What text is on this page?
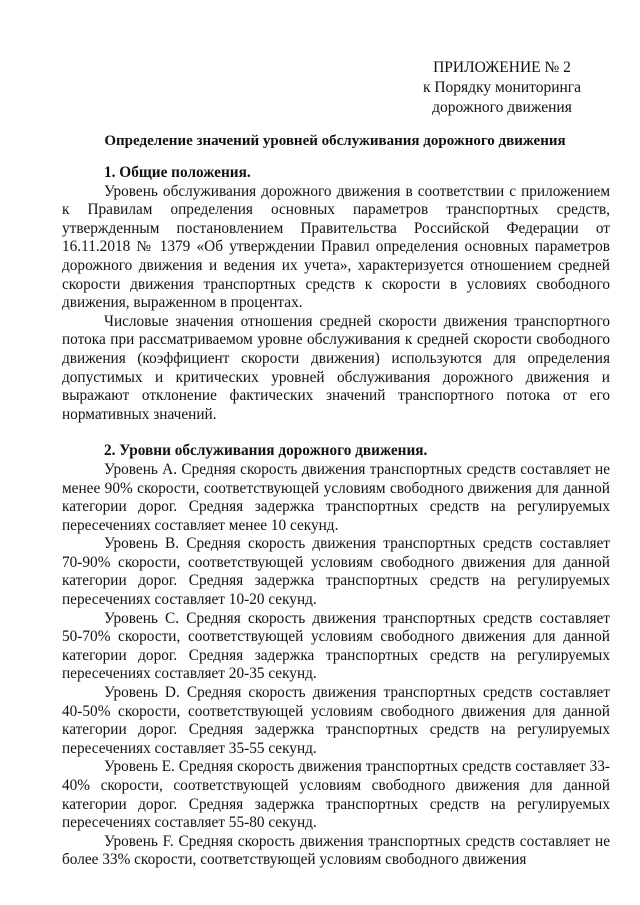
ПРИЛОЖЕНИЕ № 2
к Порядку мониторинга
дорожного движения
Определение значений уровней обслуживания дорожного движения
1. Общие положения.

Уровень обслуживания дорожного движения в соответствии с приложением к Правилам определения основных параметров транспортных средств, утвержденным постановлением Правительства Российской Федерации от 16.11.2018 № 1379 «Об утверждении Правил определения основных параметров дорожного движения и ведения их учета», характеризуется отношением средней скорости движения транспортных средств к скорости в условиях свободного движения, выраженном в процентах.

Числовые значения отношения средней скорости движения транспортного потока при рассматриваемом уровне обслуживания к средней скорости свободного движения (коэффициент скорости движения) используются для определения допустимых и критических уровней обслуживания дорожного движения и выражают отклонение фактических значений транспортного потока от его нормативных значений.

2. Уровни обслуживания дорожного движения.

Уровень А. Средняя скорость движения транспортных средств составляет не менее 90% скорости, соответствующей условиям свободного движения для данной категории дорог. Средняя задержка транспортных средств на регулируемых пересечениях составляет менее 10 секунд.

Уровень B. Средняя скорость движения транспортных средств составляет 70-90% скорости, соответствующей условиям свободного движения для данной категории дорог. Средняя задержка транспортных средств на регулируемых пересечениях составляет 10-20 секунд.

Уровень C. Средняя скорость движения транспортных средств составляет 50-70% скорости, соответствующей условиям свободного движения для данной категории дорог. Средняя задержка транспортных средств на регулируемых пересечениях составляет 20-35 секунд.

Уровень D. Средняя скорость движения транспортных средств составляет 40-50% скорости, соответствующей условиям свободного движения для данной категории дорог. Средняя задержка транспортных средств на регулируемых пересечениях составляет 35-55 секунд.

Уровень E. Средняя скорость движения транспортных средств составляет 33-40% скорости, соответствующей условиям свободного движения для данной категории дорог. Средняя задержка транспортных средств на регулируемых пересечениях составляет 55-80 секунд.

Уровень F. Средняя скорость движения транспортных средств составляет не более 33% скорости, соответствующей условиям свободного движения
